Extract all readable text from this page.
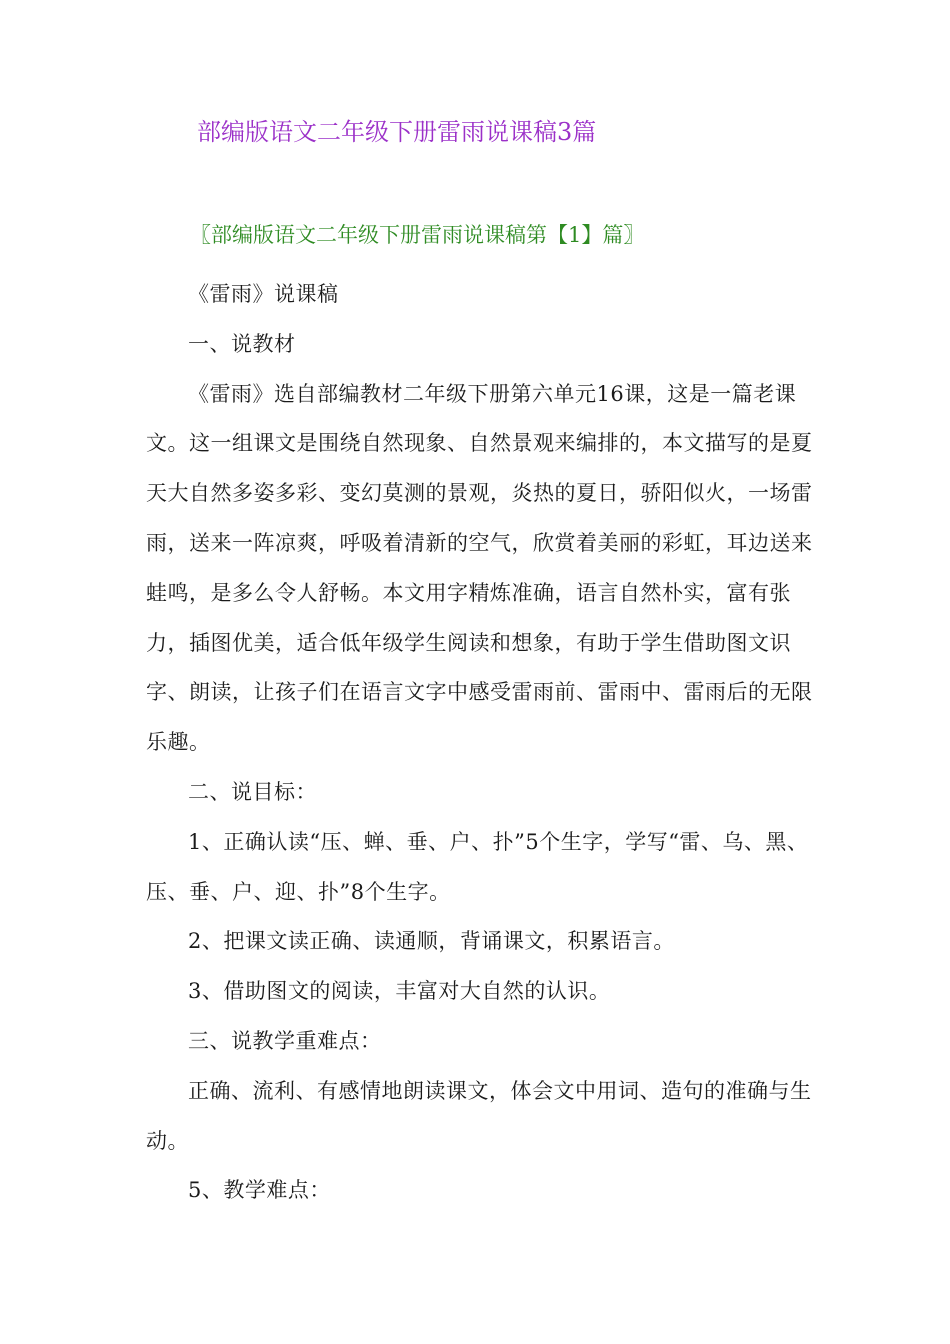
部编版语文二年级下册雷雨说课稿3篇
〖部编版语文二年级下册雷雨说课稿第【1】篇〗

《雷雨》说课稿

一、说教材

《雷雨》选自部编教材二年级下册第六单元16课，这是一篇老课文。这一组课文是围绕自然现象、自然景观来编排的，本文描写的是夏天大自然多姿多彩、变幻莫测的景观，炎热的夏日，骄阳似火，一场雷雨，送来一阵凉爽，呼吸着清新的空气，欣赏着美丽的彩虹，耳边送来蛙鸣，是多么令人舒畅。本文用字精炼准确，语言自然朴实，富有张力，插图优美，适合低年级学生阅读和想象，有助于学生借助图文识字、朗读，让孩子们在语言文字中感受雷雨前、雷雨中、雷雨后的无限乐趣。

二、说目标：

1、正确认读“压、蝉、垂、户、扑”5个生字，学写“雷、乌、黑、压、垂、户、迎、扑”8个生字。

2、把课文读正确、读通顺，背诵课文，积累语言。

3、借助图文的阅读，丰富对大自然的认识。

三、说教学重难点：

正确、流利、有感情地朗读课文，体会文中用词、造句的准确与生动。

5、教学难点：
